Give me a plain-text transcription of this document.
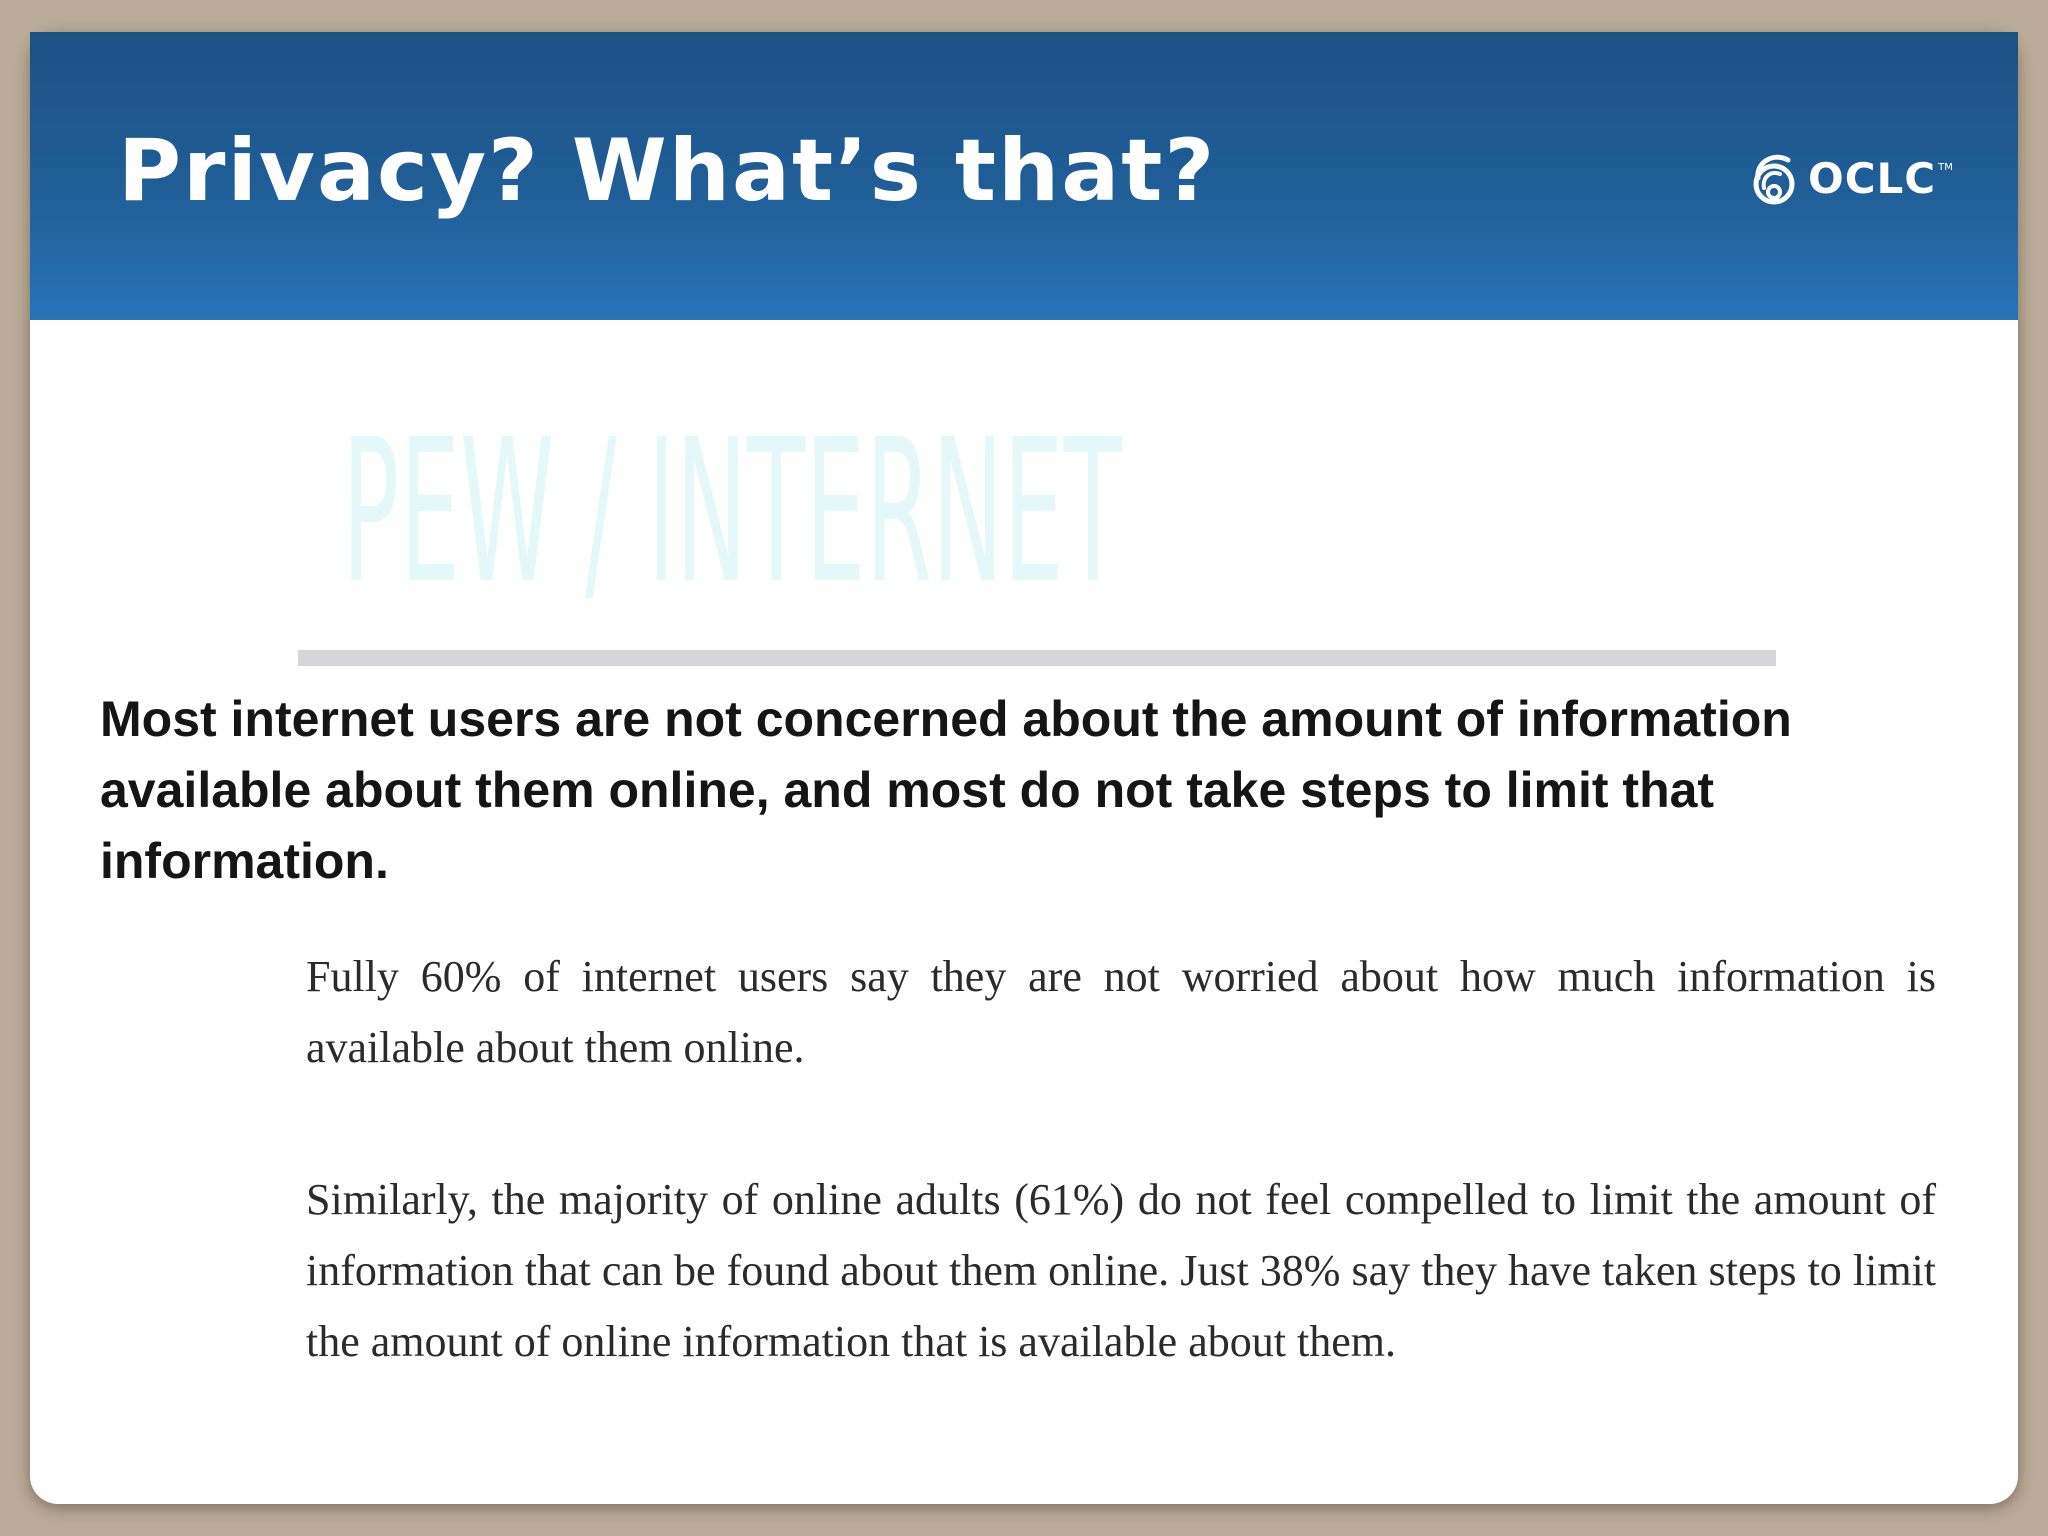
Privacy? What’s that?	OCLC TM
PEW / INTERNET
Most internet users are not concerned about the amount of information available about them online, and most do not take steps to limit that information.
Fully 60% of internet users say they are not worried about how much information is available about them online.
Similarly, the majority of online adults (61%) do not feel compelled to limit the amount of information that can be found about them online. Just 38% say they have taken steps to limit the amount of online information that is available about them.
